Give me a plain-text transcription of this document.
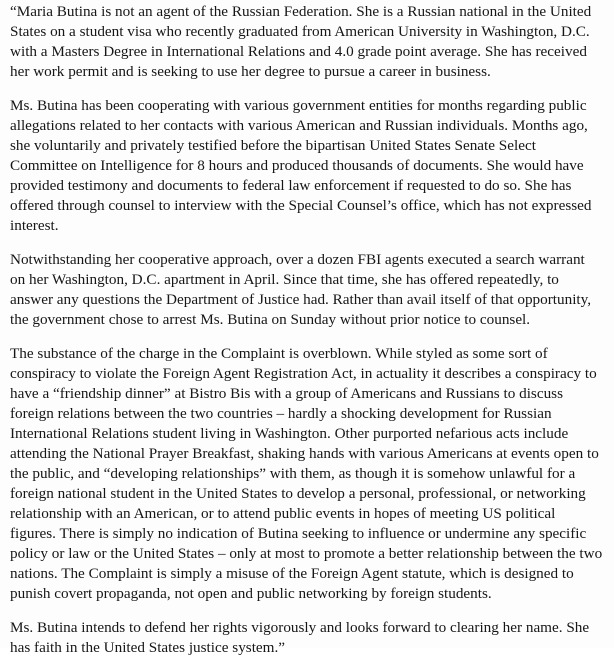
“Maria Butina is not an agent of the Russian Federation. She is a Russian national in the United
States on a student visa who recently graduated from American University in Washington, D.C.
with a Masters Degree in International Relations and 4.0 grade point average. She has received
her work permit and is seeking to use her degree to pursue a career in business.
Ms. Butina has been cooperating with various government entities for months regarding public
allegations related to her contacts with various American and Russian individuals. Months ago,
she voluntarily and privately testified before the bipartisan United States Senate Select
Committee on Intelligence for 8 hours and produced thousands of documents. She would have
provided testimony and documents to federal law enforcement if requested to do so. She has
offered through counsel to interview with the Special Counsel’s office, which has not expressed
interest.
Notwithstanding her cooperative approach, over a dozen FBI agents executed a search warrant
on her Washington, D.C. apartment in April. Since that time, she has offered repeatedly, to
answer any questions the Department of Justice had. Rather than avail itself of that opportunity,
the government chose to arrest Ms. Butina on Sunday without prior notice to counsel.
The substance of the charge in the Complaint is overblown. While styled as some sort of
conspiracy to violate the Foreign Agent Registration Act, in actuality it describes a conspiracy to
have a “friendship dinner” at Bistro Bis with a group of Americans and Russians to discuss
foreign relations between the two countries – hardly a shocking development for Russian
International Relations student living in Washington. Other purported nefarious acts include
attending the National Prayer Breakfast, shaking hands with various Americans at events open to
the public, and “developing relationships” with them, as though it is somehow unlawful for a
foreign national student in the United States to develop a personal, professional, or networking
relationship with an American, or to attend public events in hopes of meeting US political
figures. There is simply no indication of Butina seeking to influence or undermine any specific
policy or law or the United States – only at most to promote a better relationship between the two
nations. The Complaint is simply a misuse of the Foreign Agent statute, which is designed to
punish covert propaganda, not open and public networking by foreign students.
Ms. Butina intends to defend her rights vigorously and looks forward to clearing her name. She
has faith in the United States justice system.”
